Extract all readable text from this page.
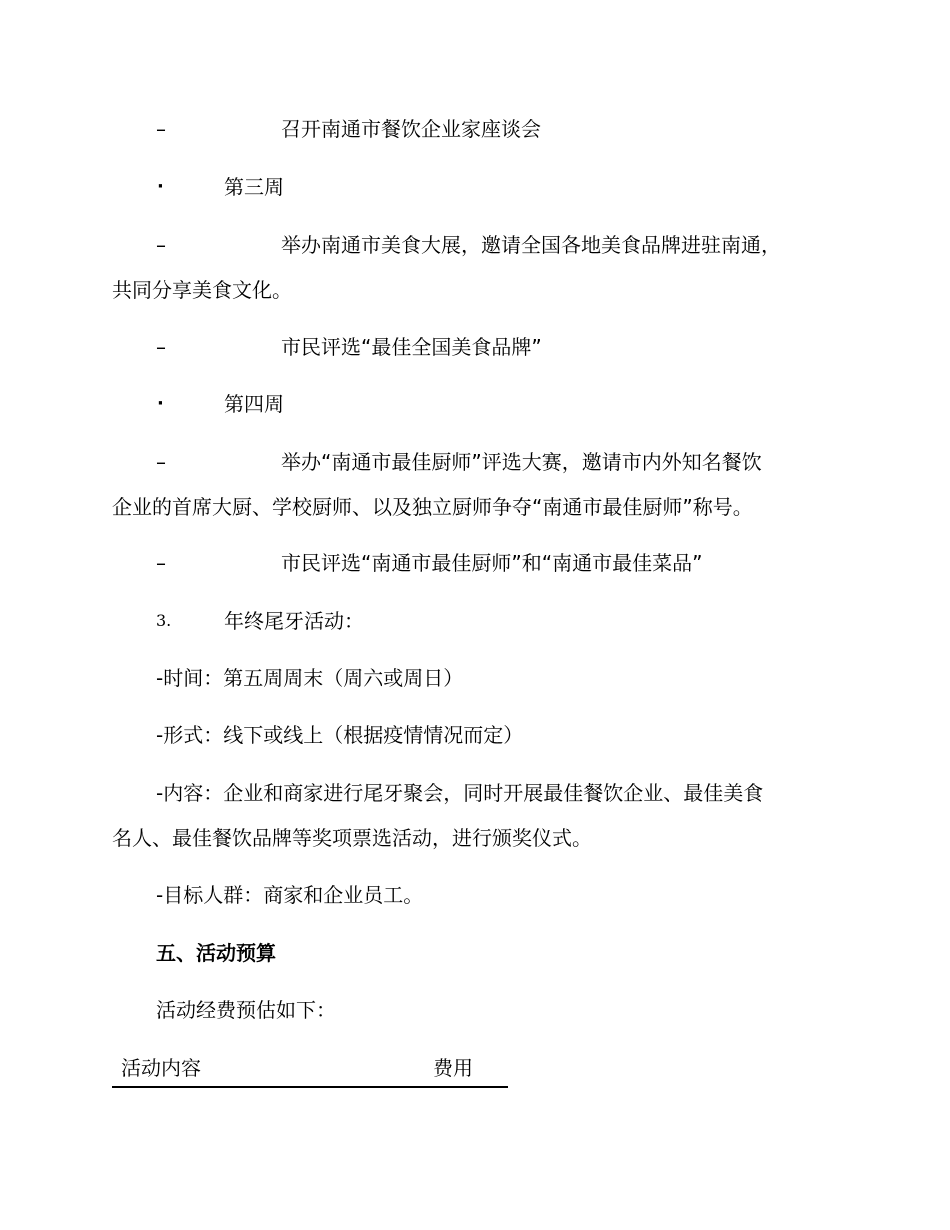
–	召开南通市餐饮企业家座谈会
·	第三周
–	举办南通市美食大展，邀请全国各地美食品牌进驻南通，
共同分享美食文化。
–	市民评选“最佳全国美食品牌”
·	第四周
–	举办“南通市最佳厨师”评选大赛，邀请市内外知名餐饮
企业的首席大厨、学校厨师、以及独立厨师争夺“南通市最佳厨师”称号。
–	市民评选“南通市最佳厨师”和“南通市最佳菜品”
3.	年终尾牙活动：
-时间：第五周周末（周六或周日）
-形式：线下或线上（根据疫情情况而定）
-内容：企业和商家进行尾牙聚会，同时开展最佳餐饮企业、最佳美食
名人、最佳餐饮品牌等奖项票选活动，进行颁奖仪式。
-目标人群：商家和企业员工。
五、活动预算
活动经费预估如下：
活动内容	费用
